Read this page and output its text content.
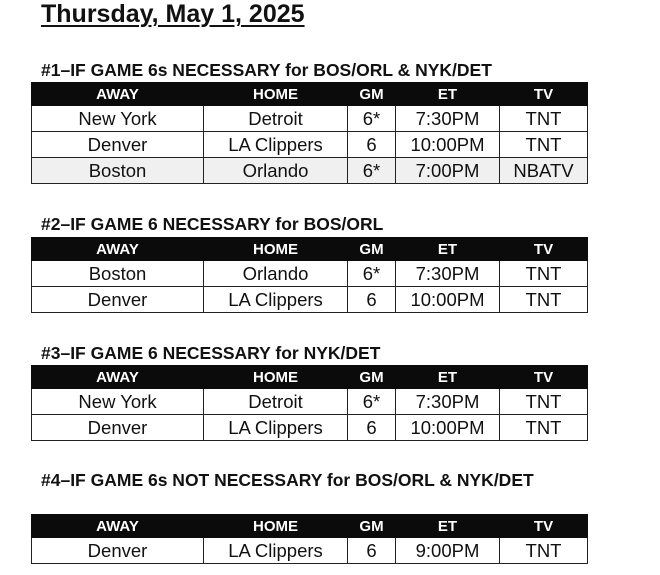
Thursday, May 1, 2025
#1–IF GAME 6s NECESSARY for BOS/ORL & NYK/DET
AWAY	HOME	GM	ET	TV
New York	Detroit	6*	7:30PM	TNT
Denver	LA Clippers	6	10:00PM	TNT
Boston	Orlando	6*	7:00PM	NBATV
#2–IF GAME 6 NECESSARY for BOS/ORL
AWAY	HOME	GM	ET	TV
Boston	Orlando	6*	7:30PM	TNT
Denver	LA Clippers	6	10:00PM	TNT
#3–IF GAME 6 NECESSARY for NYK/DET
AWAY	HOME	GM	ET	TV
New York	Detroit	6*	7:30PM	TNT
Denver	LA Clippers	6	10:00PM	TNT
#4–IF GAME 6s NOT NECESSARY for BOS/ORL & NYK/DET
AWAY	HOME	GM	ET	TV
Denver	LA Clippers	6	9:00PM	TNT
